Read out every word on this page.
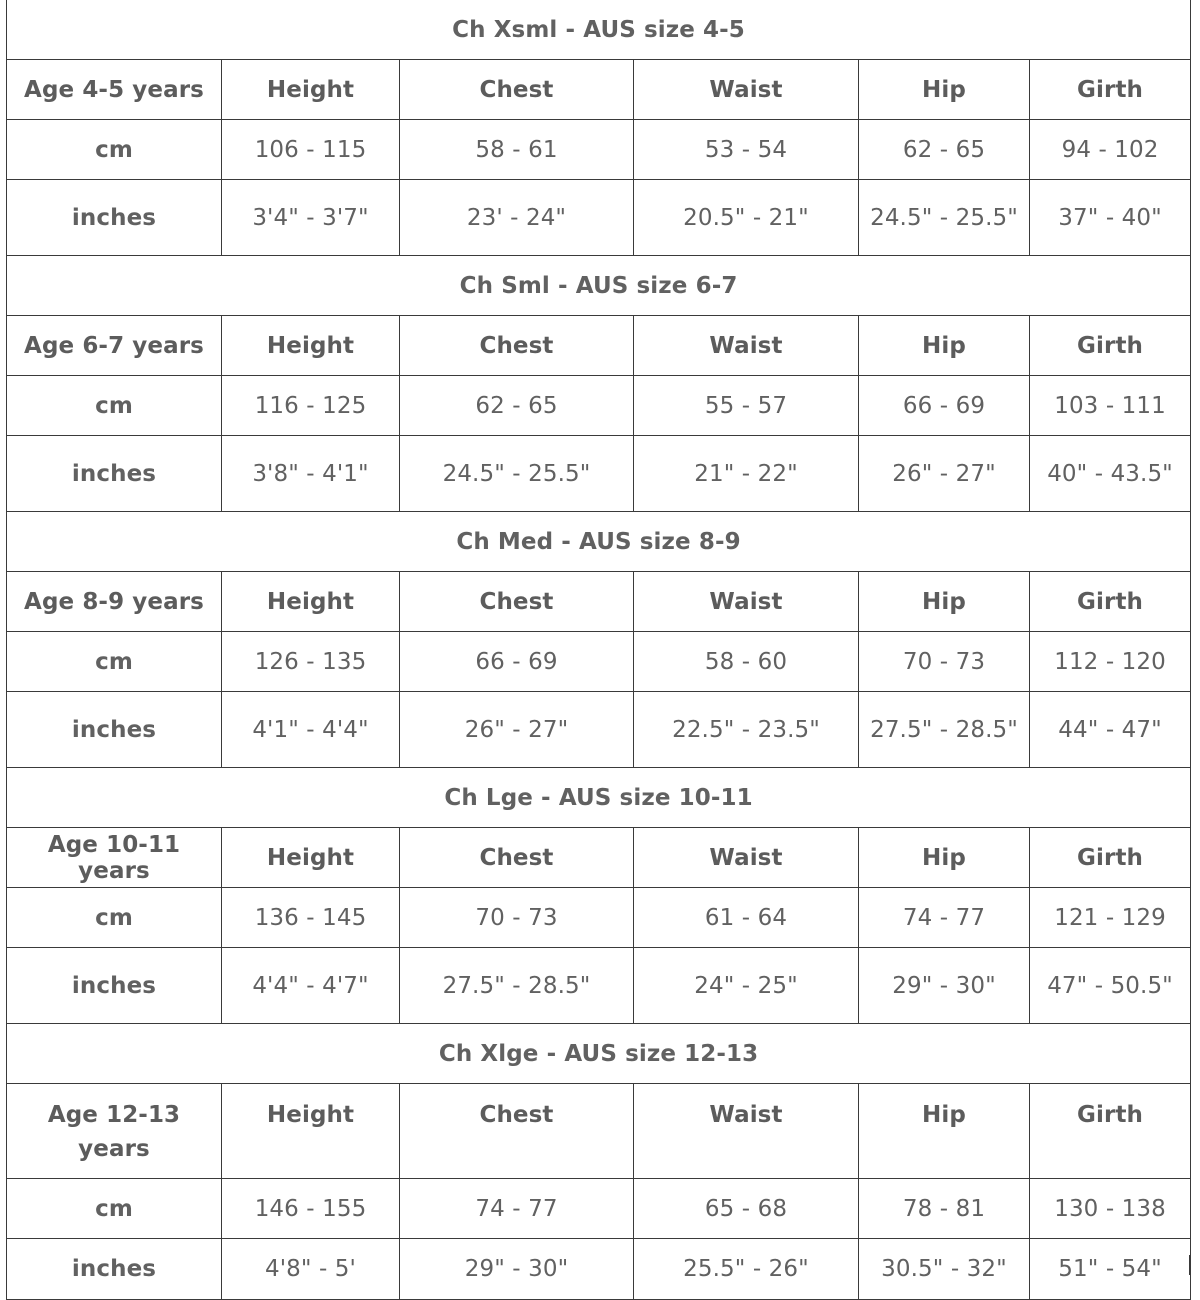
Ch Xsml - AUS size 4-5					
Age 4-5 years	Height	Chest	Waist	Hip	Girth
cm	106 - 115	58 - 61	53 - 54	62 - 65	94 - 102
inches	3'4" - 3'7"	23' - 24"	20.5" - 21"	24.5" - 25.5"	37" - 40"
Ch Sml - AUS size 6-7					
Age 6-7 years	Height	Chest	Waist	Hip	Girth
cm	116 - 125	62 - 65	55 - 57	66 - 69	103 - 111
inches	3'8" - 4'1"	24.5" - 25.5"	21" - 22"	26" - 27"	40" - 43.5"
Ch Med - AUS size 8-9					
Age 8-9 years	Height	Chest	Waist	Hip	Girth
cm	126 - 135	66 - 69	58 - 60	70 - 73	112 - 120
inches	4'1" - 4'4"	26" - 27"	22.5" - 23.5"	27.5" - 28.5"	44" - 47"
Ch Lge - AUS size 10-11					
Age 10-11 years	Height	Chest	Waist	Hip	Girth
cm	136 - 145	70 - 73	61 - 64	74 - 77	121 - 129
inches	4'4" - 4'7"	27.5" - 28.5"	24" - 25"	29" - 30"	47" - 50.5"
Ch Xlge - AUS size 12-13					
Age 12-13 years	Height	Chest	Waist	Hip	Girth
cm	146 - 155	74 - 77	65 - 68	78 - 81	130 - 138
inches	4'8" - 5'	29" - 30"	25.5" - 26"	30.5" - 32"	51" - 54"
